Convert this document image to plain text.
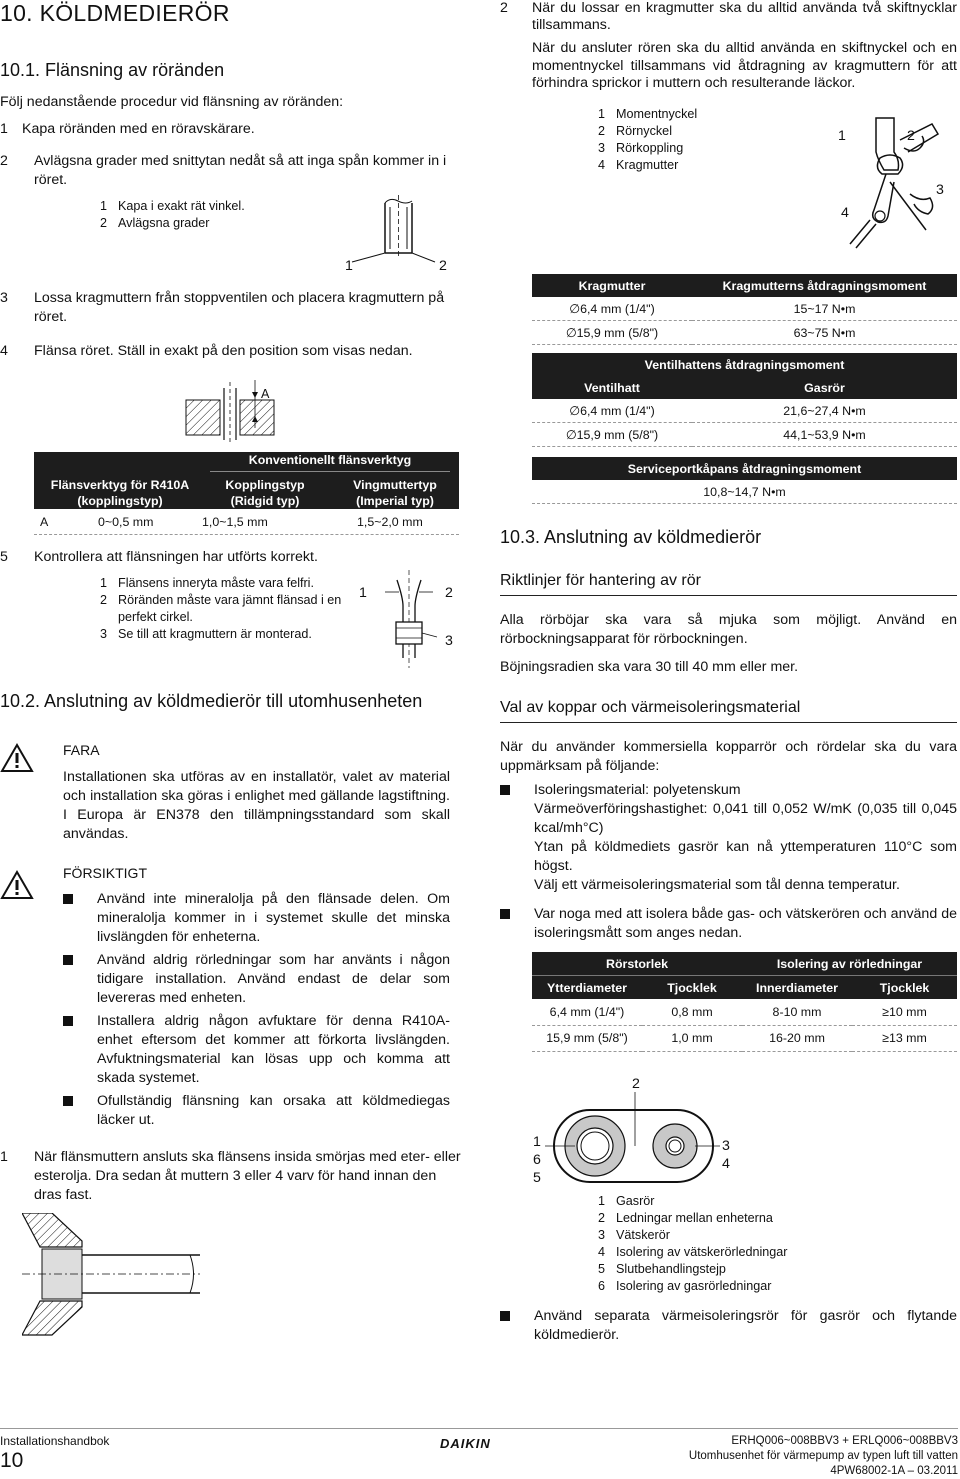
10. KÖLDMEDIERÖR
10.1. Flänsning av röränden
Följ nedanstående procedur vid flänsning av röränden:
1 Kapa röränden med en röravskärare.
2 Avlägsna grader med snittytan nedåt så att inga spån kommer in i röret.
1 Kapa i exakt rät vinkel.
2 Avlägsna grader
1	2
3 Lossa kragmuttern från stoppventilen och placera kragmuttern på röret.
4 Flänsa röret. Ställ in exakt på den position som visas nedan.
A
Konventionellt flänsverktyg
Flänsverktyg för R410A (kopplingstyp)
Kopplingstyp (Ridgid typ)
Vingmuttertyp (Imperial typ)
A	0~0,5 mm	1,0~1,5 mm	1,5~2,0 mm
5 Kontrollera att flänsningen har utförts korrekt.
1 Flänsens inneryta måste vara felfri.
2 Röränden måste vara jämnt flänsad i en perfekt cirkel.
3 Se till att kragmuttern är monterad.
1	2
3
10.2. Anslutning av köldmedierör till utomhusenheten
FARA
Installationen ska utföras av en installatör, valet av material och installation ska göras i enlighet med gällande lagstiftning. I Europa är EN378 den tillämpningsstandard som skall användas.
FÖRSIKTIGT
Använd inte mineralolja på den flänsade delen. Om mineralolja kommer in i systemet skulle det minska livslängden för enheterna.
Använd aldrig rörledningar som har använts i någon tidigare installation. Använd endast de delar som levereras med enheten.
Installera aldrig någon avfuktare för denna R410A-enhet eftersom det kommer att förkorta livslängden. Avfuktningsmaterial kan lösas upp och komma att skada systemet.
Ofullständig flänsning kan orsaka att köldmediegas läcker ut.
1 När flänsmuttern ansluts ska flänsens insida smörjas med eter- eller esterolja. Dra sedan åt muttern 3 eller 4 varv för hand innan den dras fast.
2 När du lossar en kragmutter ska du alltid använda två skiftnycklar tillsammans.
När du ansluter rören ska du alltid använda en skiftnyckel och en momentnyckel tillsammans vid åtdragning av kragmuttern för att förhindra sprickor i muttern och resulterande läckor.
1 Momentnyckel
2 Rörnyckel
3 Rörkoppling
4 Kragmutter
1	2
3
4
Kragmutter	Kragmutterns åtdragningsmoment
∅6,4 mm (1/4")	15~17 N•m
∅15,9 mm (5/8")	63~75 N•m
Ventilhattens åtdragningsmoment	
Ventilhatt	Gasrör
∅6,4 mm (1/4")	21,6~27,4 N•m
∅15,9 mm (5/8")	44,1~53,9 N•m
Serviceportkåpans åtdragningsmoment
10,8~14,7 N•m
10.3. Anslutning av köldmedierör
Riktlinjer för hantering av rör
Alla rörböjar ska vara så mjuka som möjligt. Använd en rörbockningsapparat för rörbockningen.
Böjningsradien ska vara 30 till 40 mm eller mer.
Val av koppar och värmeisoleringsmaterial
När du använder kommersiella kopparrör och rördelar ska du vara uppmärksam på följande:
Isoleringsmaterial: polyetenskum
Värmeöverföringshastighet: 0,041 till 0,052 W/mK (0,035 till 0,045 kcal/mh°C)
Ytan på köldmediets gasrör kan nå yttemperaturen 110°C som högst.
Välj ett värmeisoleringsmaterial som tål denna temperatur.
Var noga med att isolera både gas- och vätskerören och använd de isoleringsmått som anges nedan.
Rörstorlek		Isolering av rörledningar	
Ytterdiameter	Tjocklek	Innerdiameter	Tjocklek
6,4 mm (1/4")	0,8 mm	8-10 mm	≥10 mm
15,9 mm (5/8")	1,0 mm	16-20 mm	≥13 mm
2
1
6
5
3
4
1 Gasrör
2 Ledningar mellan enheterna
3 Vätskerör
4 Isolering av vätskerörledningar
5 Slutbehandlingstejp
6 Isolering av gasrörledningar
Använd separata värmeisoleringsrör för gasrör och flytande köldmedierör.
Installationshandbok
10
DAIKIN	ERHQ006~008BBV3 + ERLQ006~008BBV3
Utomhusenhet för värmepump av typen luft till vatten
4PW68002-1A – 03.2011
